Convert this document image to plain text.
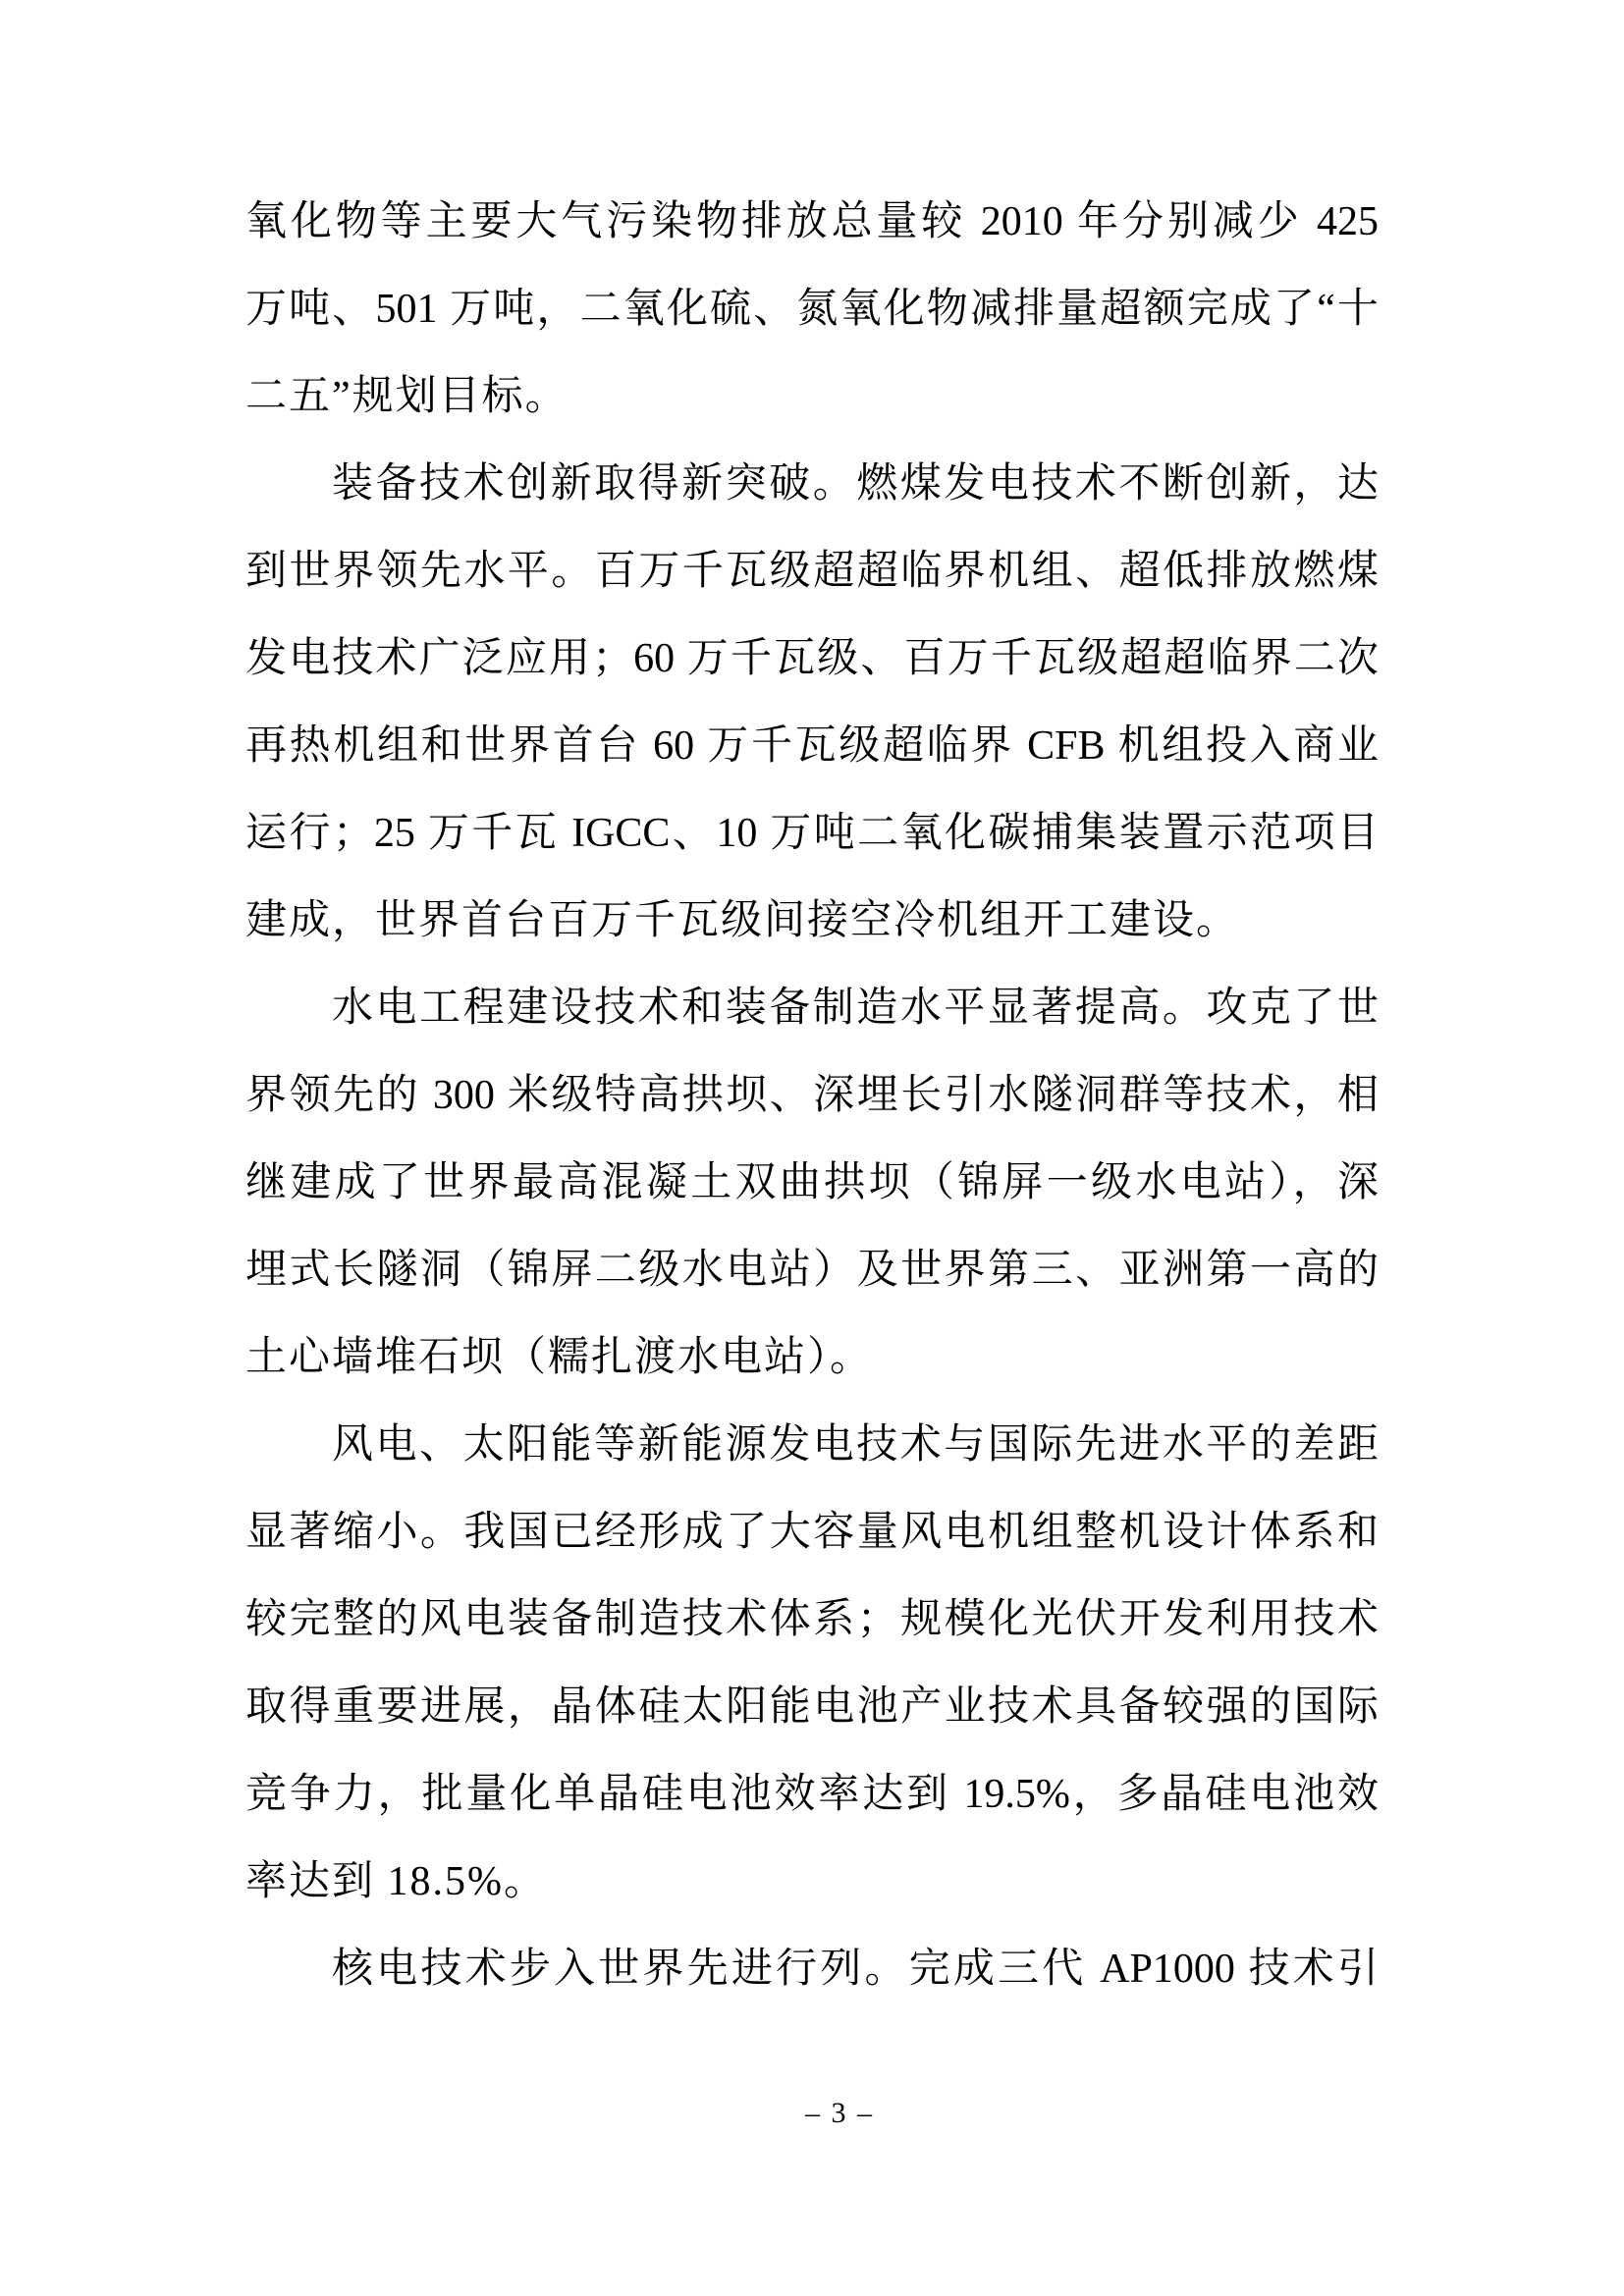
氧化物等主要大气污染物排放总量较 2010 年分别减少 425
万吨、501 万吨，二氧化硫、氮氧化物减排量超额完成了“十
二五”规划目标。
装备技术创新取得新突破。燃煤发电技术不断创新，达
到世界领先水平。百万千瓦级超超临界机组、超低排放燃煤
发电技术广泛应用；60 万千瓦级、百万千瓦级超超临界二次
再热机组和世界首台 60 万千瓦级超临界 CFB 机组投入商业
运行；25 万千瓦 IGCC、10 万吨二氧化碳捕集装置示范项目
建成，世界首台百万千瓦级间接空冷机组开工建设。
水电工程建设技术和装备制造水平显著提高。攻克了世
界领先的 300 米级特高拱坝、深埋长引水隧洞群等技术，相
继建成了世界最高混凝土双曲拱坝（锦屏一级水电站），深
埋式长隧洞（锦屏二级水电站）及世界第三、亚洲第一高的
土心墙堆石坝（糯扎渡水电站）。
风电、太阳能等新能源发电技术与国际先进水平的差距
显著缩小。我国已经形成了大容量风电机组整机设计体系和
较完整的风电装备制造技术体系；规模化光伏开发利用技术
取得重要进展，晶体硅太阳能电池产业技术具备较强的国际
竞争力，批量化单晶硅电池效率达到 19.5%，多晶硅电池效
率达到 18.5%。
核电技术步入世界先进行列。完成三代 AP1000 技术引
– 3 –
